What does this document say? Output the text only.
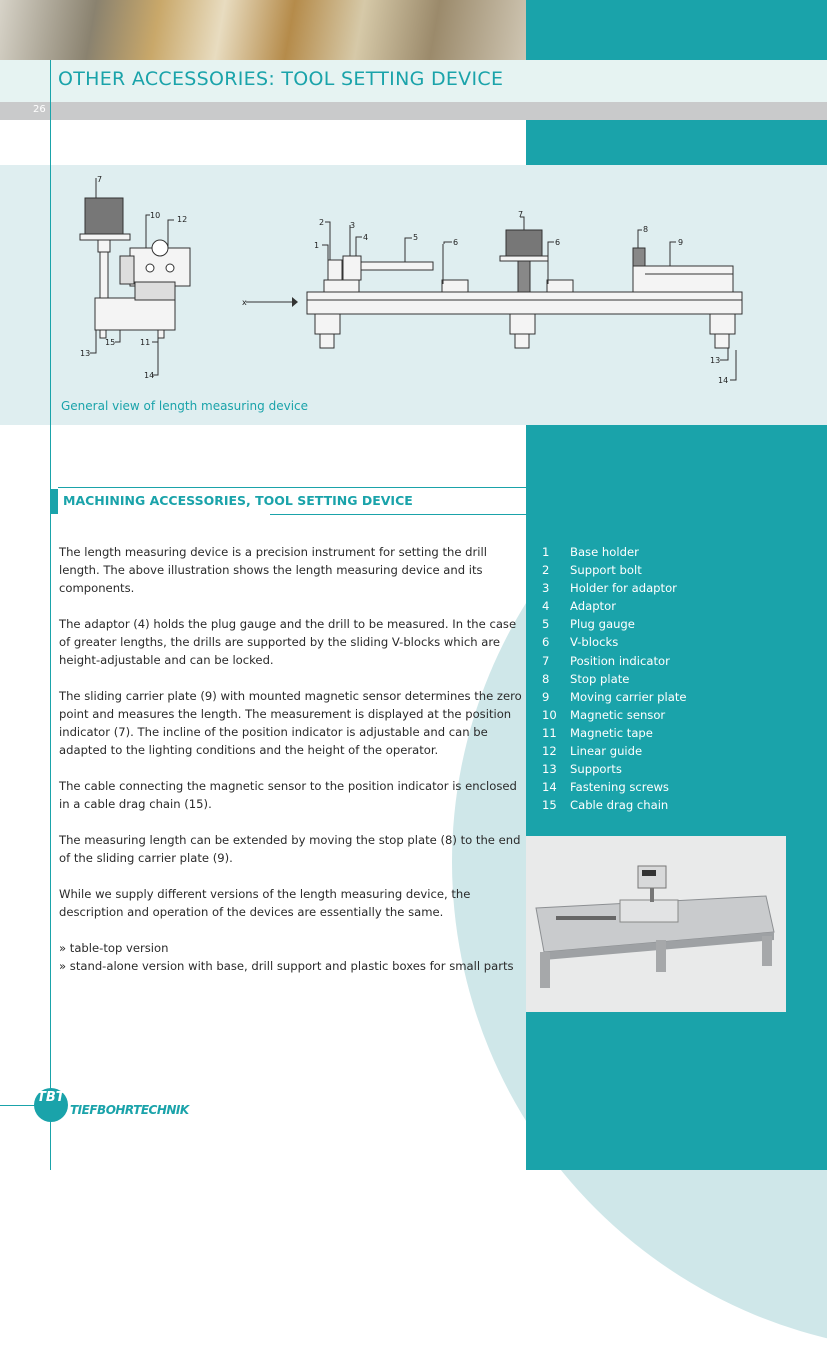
OTHER ACCESSORIES: TOOL SETTING DEVICE
26
7
10 12
13
15	11
14
x
1
2	3
4	5
6
7
6
8
9
13
14
General view of length measuring device
MACHINING ACCESSORIES, TOOL SETTING DEVICE

The length measuring device is a precision instrument for setting the drill length. The above illustration shows the length measuring device and its components.

The adaptor (4) holds the plug gauge and the drill to be measured. In the case of greater lengths, the drills are supported by the sliding V-blocks which are height-adjustable and can be locked.

The sliding carrier plate (9) with mounted magnetic sensor determines the zero point and measures the length. The measurement is displayed at the position indicator (7). The incline of the position indicator is adjustable and can be adapted to the lighting conditions and the height of the operator.

The cable connecting the magnetic sensor to the position indicator is enclosed in a cable drag chain (15).

The measuring length can be extended by moving the stop plate (8) to the end of the sliding carrier plate (9).

While we supply different versions of the length measuring device, the description and operation of the devices are essentially the same.

» table-top version
» stand-alone version with base, drill support and plastic boxes for small parts
1	Base holder
2	Support bolt
3	Holder for adaptor
4	Adaptor
5	Plug gauge
6	V-blocks
7	Position indicator
8	Stop plate
9	Moving carrier plate
10	Magnetic sensor
11	Magnetic tape
12	Linear guide
13	Supports
14	Fastening screws
15	Cable drag chain
TBT
TIEFBOHRTECHNIK
